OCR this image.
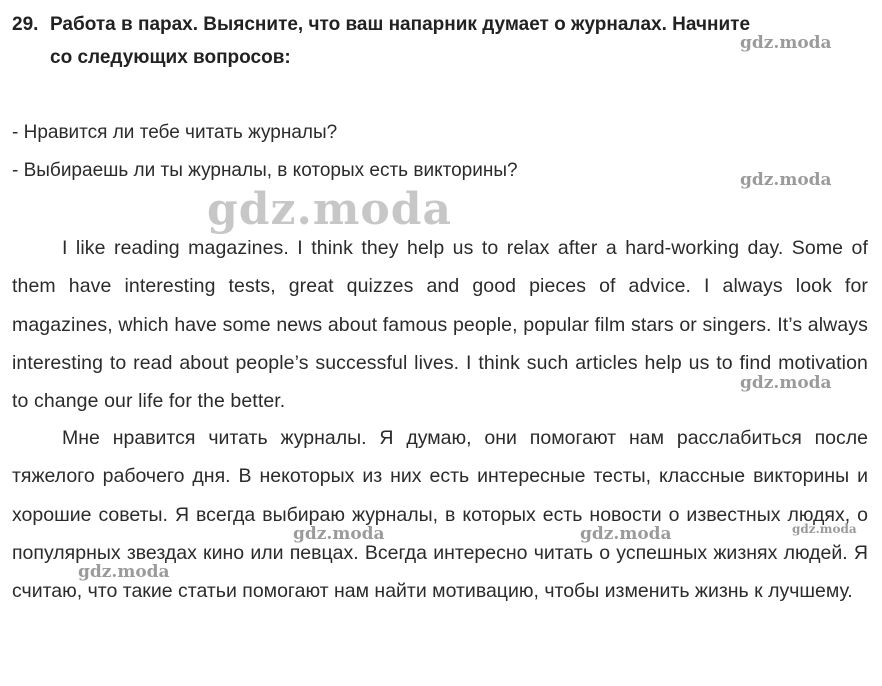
29. Работа в парах. Выясните, что ваш напарник думает о журналах. Начните
со следующих вопросов:
- Нравится ли тебе читать журналы?
- Выбираешь ли ты журналы, в которых есть викторины?
I like reading magazines. I think they help us to relax after a hard-working day. Some of them have interesting tests, great quizzes and good pieces of advice. I always look for magazines, which have some news about famous people, popular film stars or singers. It’s always interesting to read about people’s successful lives. I think such articles help us to find motivation to change our life for the better.
Мне нравится читать журналы. Я думаю, они помогают нам расслабиться после тяжелого рабочего дня. В некоторых из них есть интересные тесты, классные викторины и хорошие советы. Я всегда выбираю журналы, в которых есть новости о известных людях, о популярных звездах кино или певцах. Всегда интересно читать о успешных жизнях людей. Я считаю, что такие статьи помогают нам найти мотивацию, чтобы изменить жизнь к лучшему.
gdz.moda
gdz.moda
gdz.moda
gdz.moda
gdz.moda	gdz.moda	gdz.moda
gdz.moda
